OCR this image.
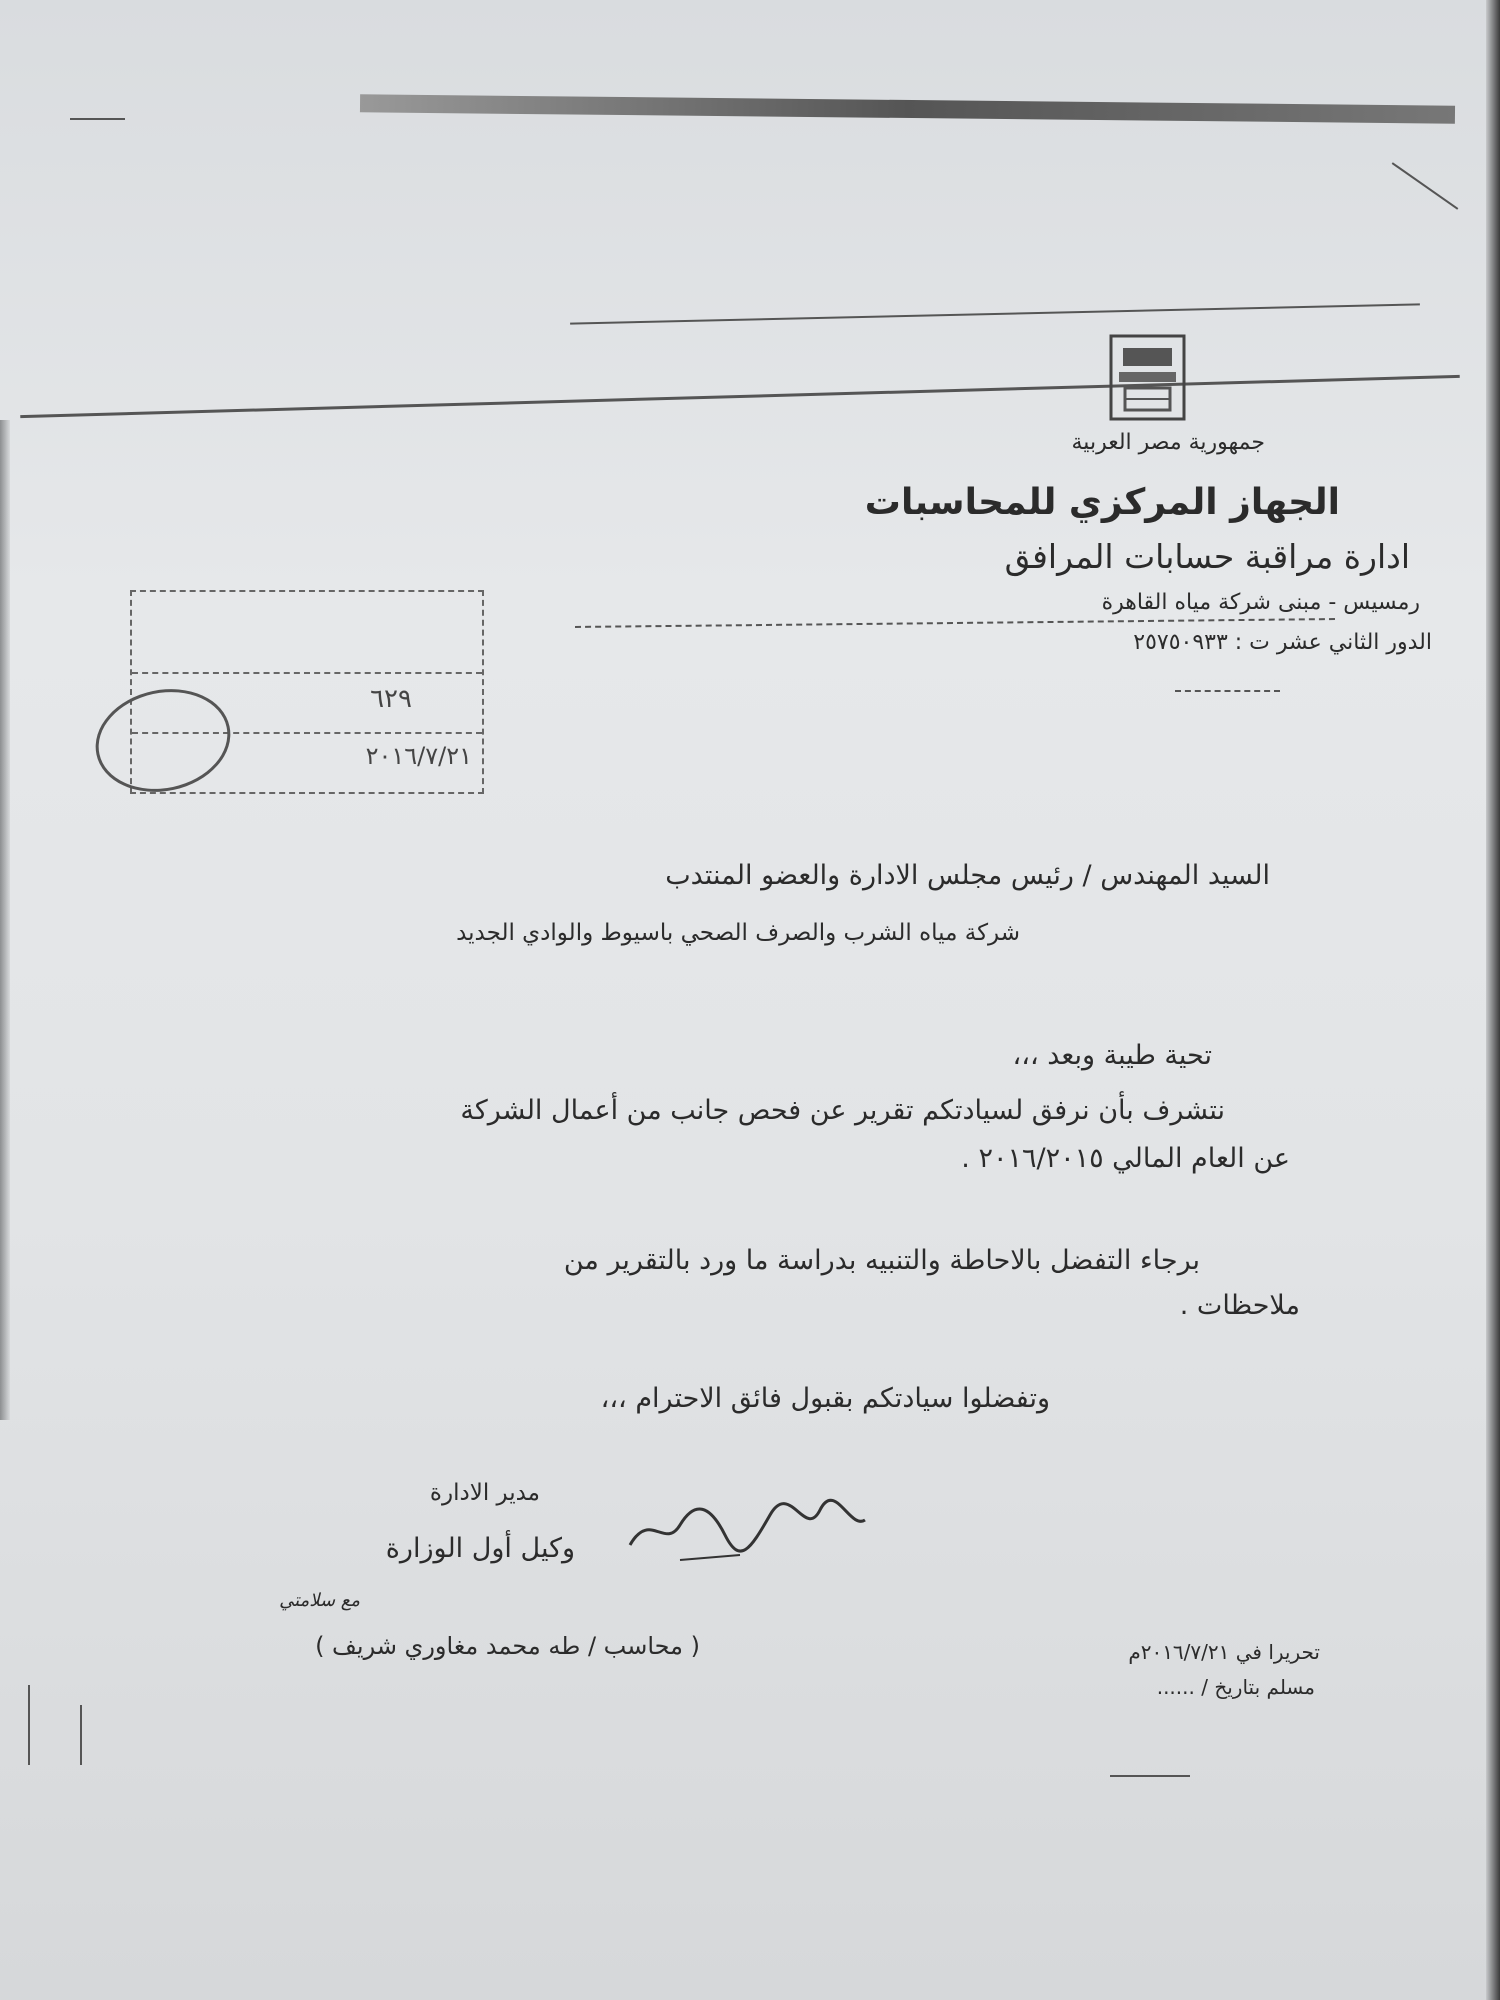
جمهورية مصر العربية
الجهاز المركزي للمحاسبات
ادارة مراقبة حسابات المرافق
رمسيس - مبنى شركة مياه القاهرة
الدور الثاني عشر ت : ٢٥٧٥٠٩٣٣
٦٢٩
٢٠١٦/٧/٢١
السيد المهندس / رئيس مجلس الادارة والعضو المنتدب
شركة مياه الشرب والصرف الصحي باسيوط والوادي الجديد
تحية طيبة وبعد ،،،
نتشرف بأن نرفق لسيادتكم تقرير عن فحص جانب من أعمال الشركة
عن العام المالي ٢٠١٦/٢٠١٥ .
برجاء التفضل بالاحاطة والتنبيه بدراسة ما ورد بالتقرير من
ملاحظات .
وتفضلوا سيادتكم بقبول فائق الاحترام ،،،
مدير الادارة
وكيل أول الوزارة
مع سلامتي
( محاسب / طه محمد مغاوري شريف )	تحريرا في ٢٠١٦/٧/٢١م
مسلم بتاريخ / ......
